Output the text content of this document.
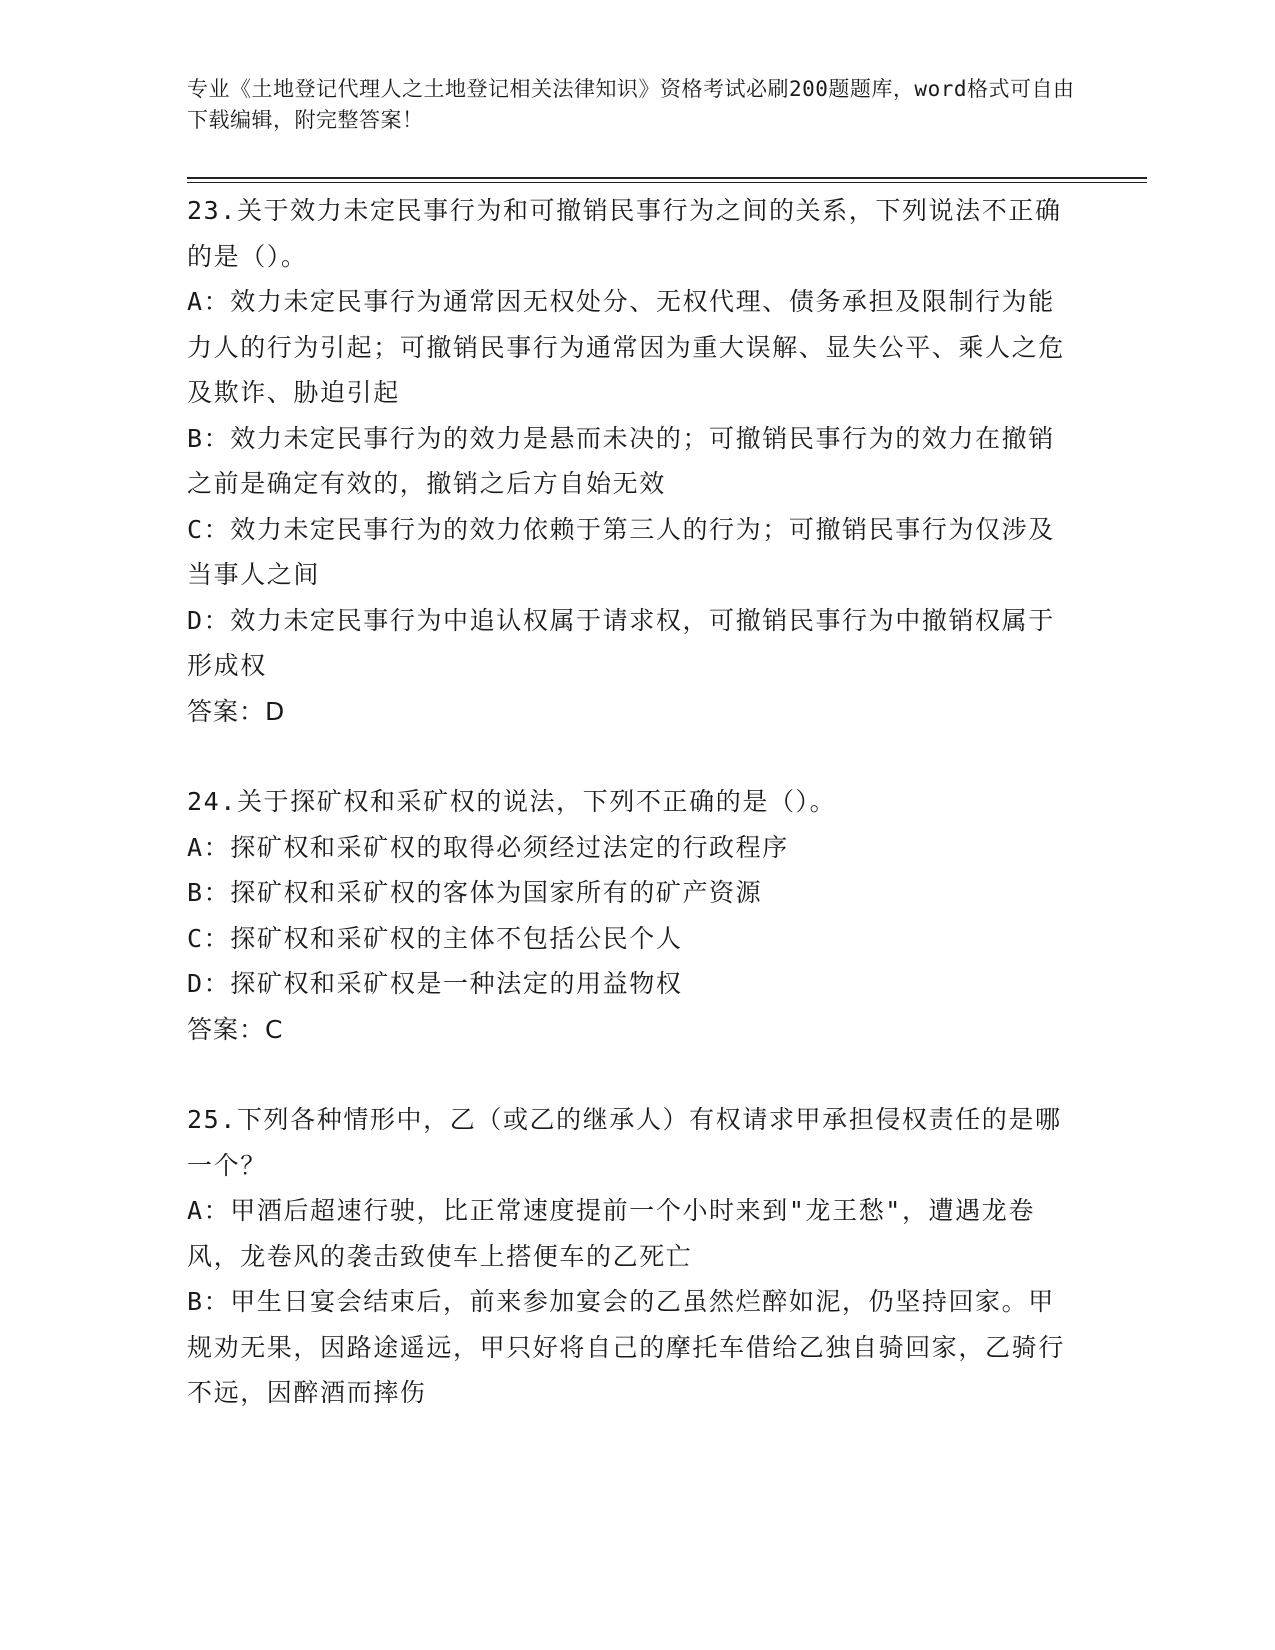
专业《土地登记代理人之土地登记相关法律知识》资格考试必刷200题题库，word格式可自由下载编辑，附完整答案！

23.关于效力未定民事行为和可撤销民事行为之间的关系，下列说法不正确的是（）。

A：效力未定民事行为通常因无权处分、无权代理、债务承担及限制行为能力人的行为引起；可撤销民事行为通常因为重大误解、显失公平、乘人之危及欺诈、胁迫引起

B：效力未定民事行为的效力是悬而未决的；可撤销民事行为的效力在撤销之前是确定有效的，撤销之后方自始无效

C：效力未定民事行为的效力依赖于第三人的行为；可撤销民事行为仅涉及当事人之间

D：效力未定民事行为中追认权属于请求权，可撤销民事行为中撤销权属于形成权

答案：D

24.关于探矿权和采矿权的说法，下列不正确的是（）。

A：探矿权和采矿权的取得必须经过法定的行政程序

B：探矿权和采矿权的客体为国家所有的矿产资源

C：探矿权和采矿权的主体不包括公民个人

D：探矿权和采矿权是一种法定的用益物权

答案：C

25.下列各种情形中，乙（或乙的继承人）有权请求甲承担侵权责任的是哪一个？

A：甲酒后超速行驶，比正常速度提前一个小时来到"龙王愁"，遭遇龙卷风，龙卷风的袭击致使车上搭便车的乙死亡

B：甲生日宴会结束后，前来参加宴会的乙虽然烂醉如泥，仍坚持回家。甲规劝无果，因路途遥远，甲只好将自己的摩托车借给乙独自骑回家，乙骑行不远，因醉酒而摔伤
